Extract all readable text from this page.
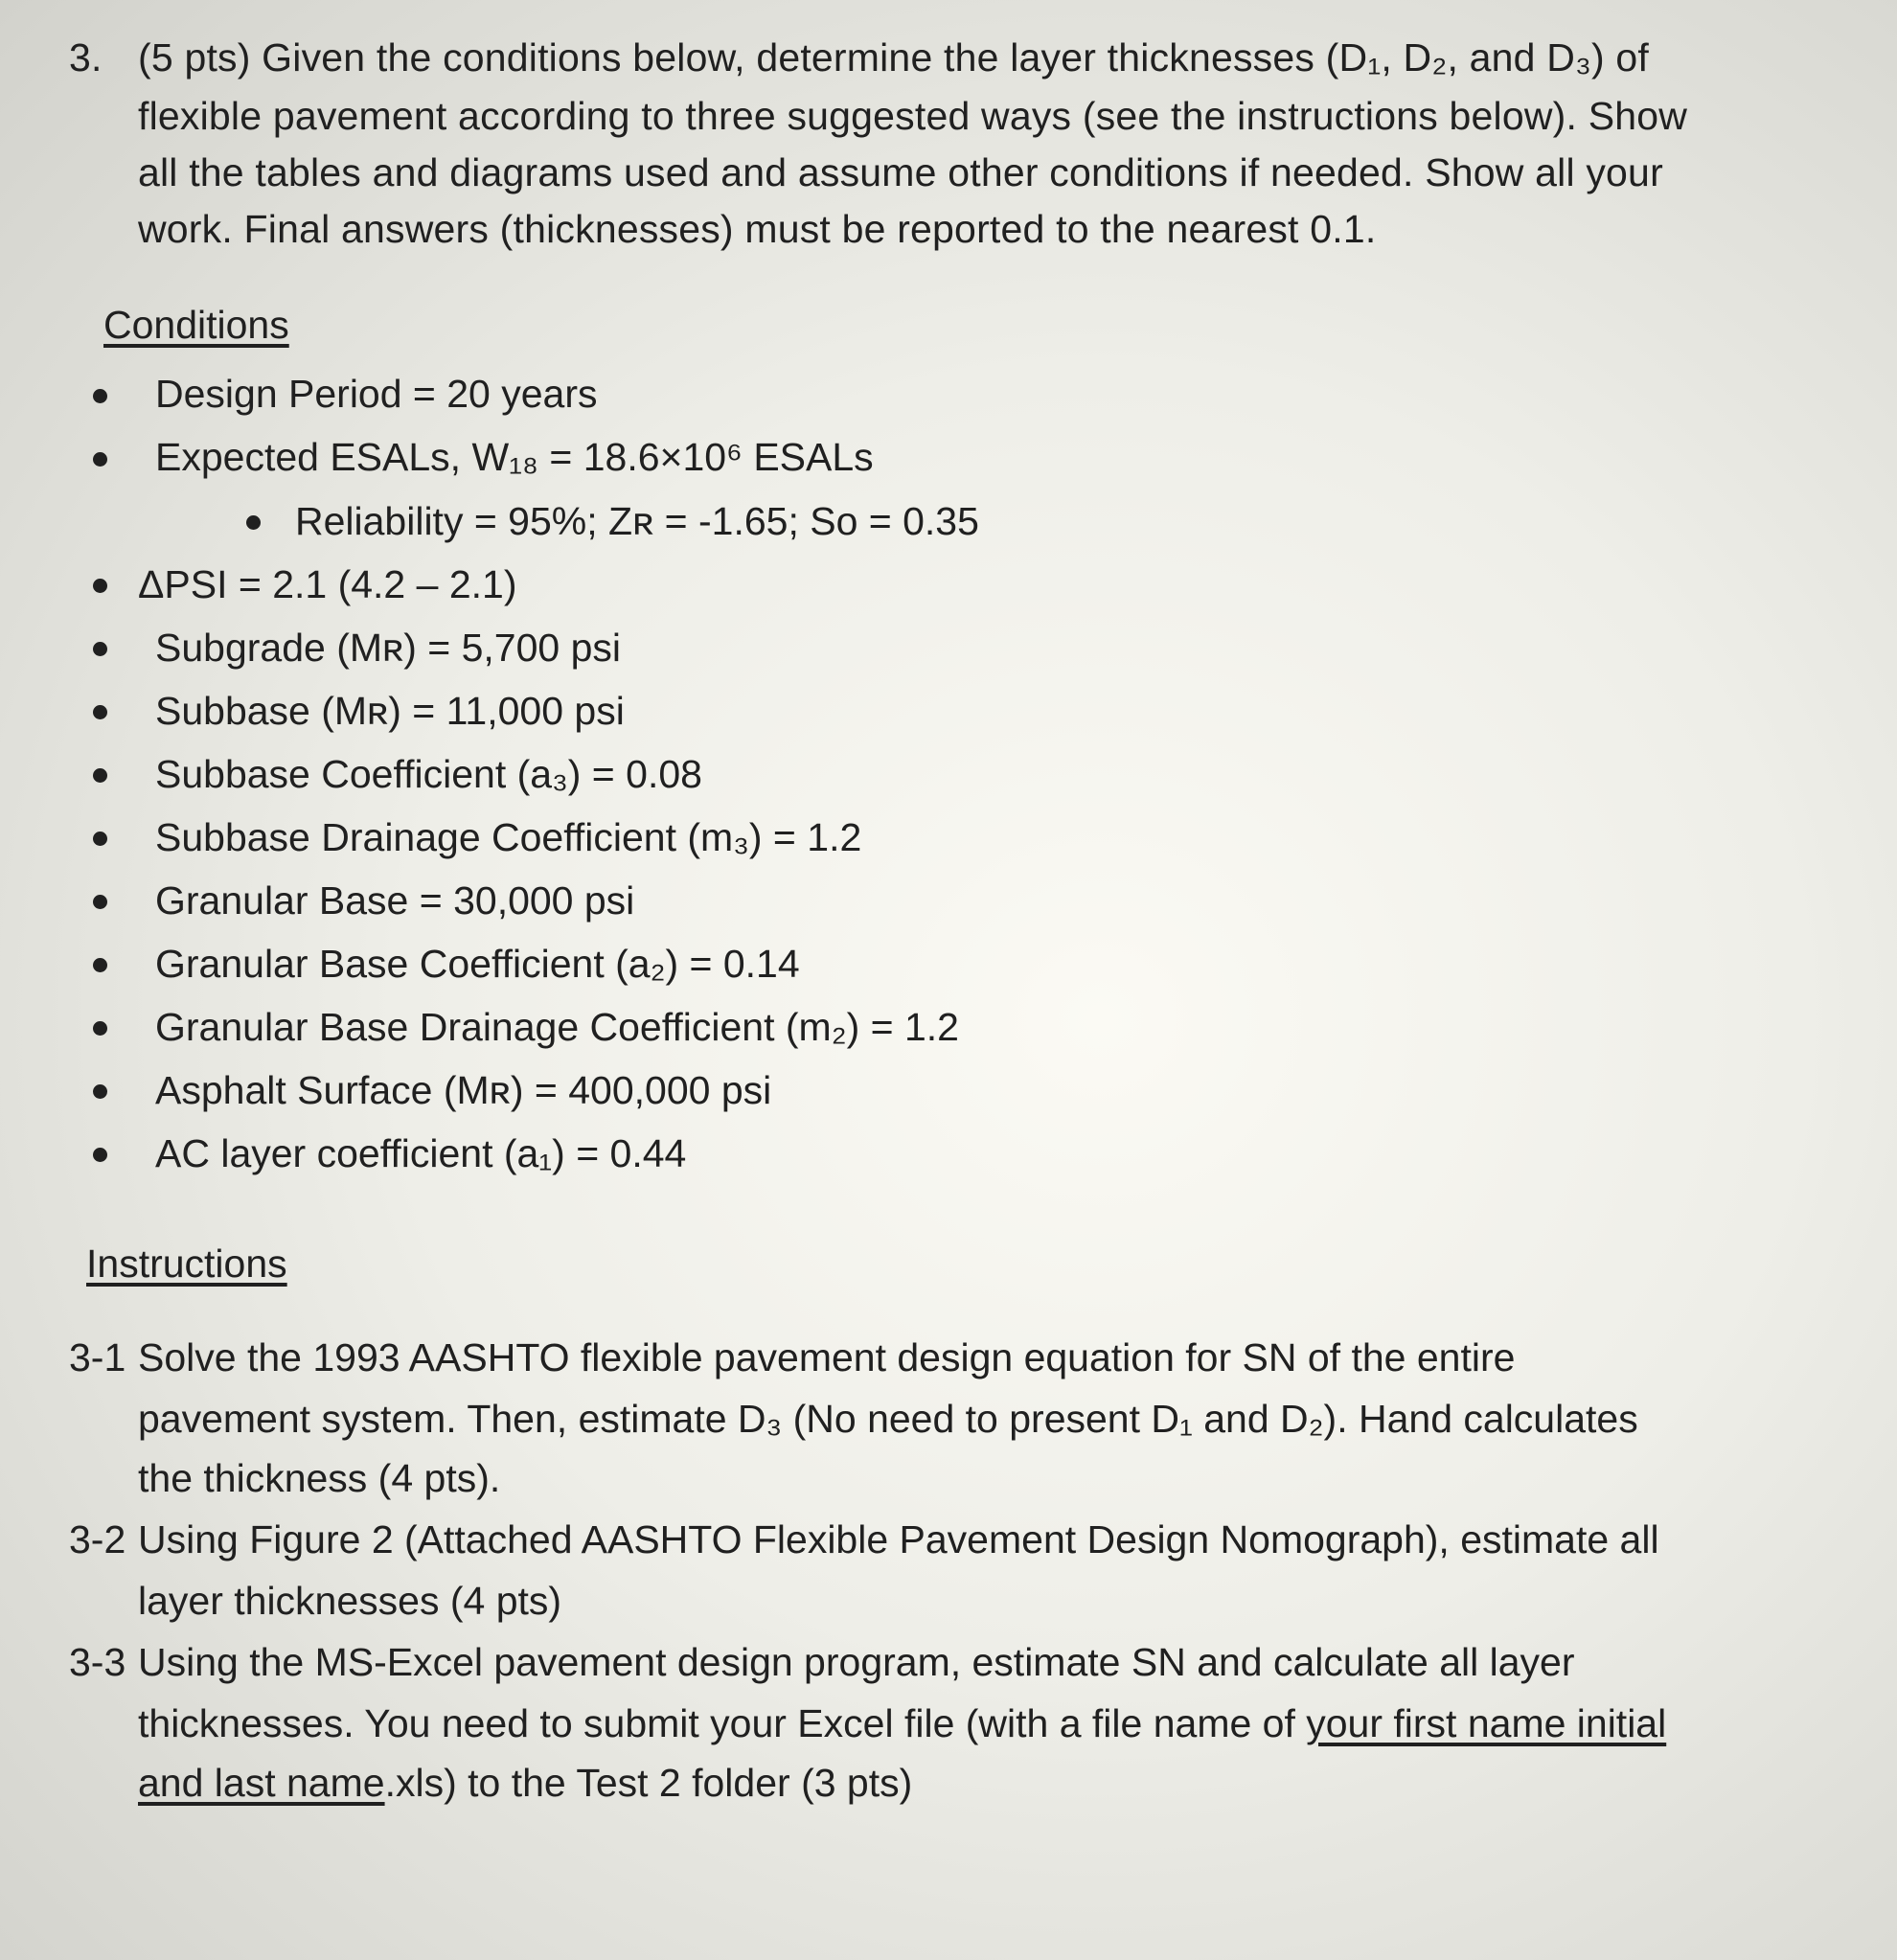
3. (5 pts) Given the conditions below, determine the layer thicknesses (D₁, D₂, and D₃) of
flexible pavement according to three suggested ways (see the instructions below). Show
all the tables and diagrams used and assume other conditions if needed. Show all your
work. Final answers (thicknesses) must be reported to the nearest 0.1.
Conditions
Design Period = 20 years
Expected ESALs, W₁₈ = 18.6×10⁶ ESALs
Reliability = 95%; Zʀ = -1.65; So = 0.35
ΔPSI = 2.1 (4.2 – 2.1)
Subgrade (Mʀ) = 5,700 psi
Subbase (Mʀ) = 11,000 psi
Subbase Coefficient (a₃) = 0.08
Subbase Drainage Coefficient (m₃) = 1.2
Granular Base = 30,000 psi
Granular Base Coefficient (a₂) = 0.14
Granular Base Drainage Coefficient (m₂) = 1.2
Asphalt Surface (Mʀ) = 400,000 psi
AC layer coefficient (a₁) = 0.44
Instructions
3-1 Solve the 1993 AASHTO flexible pavement design equation for SN of the entire
pavement system. Then, estimate D₃ (No need to present D₁ and D₂). Hand calculates
the thickness (4 pts).
3-2 Using Figure 2 (Attached AASHTO Flexible Pavement Design Nomograph), estimate all
layer thicknesses (4 pts)
3-3 Using the MS-Excel pavement design program, estimate SN and calculate all layer
thicknesses. You need to submit your Excel file (with a file name of your first name initial
and last name.xls) to the Test 2 folder (3 pts)
